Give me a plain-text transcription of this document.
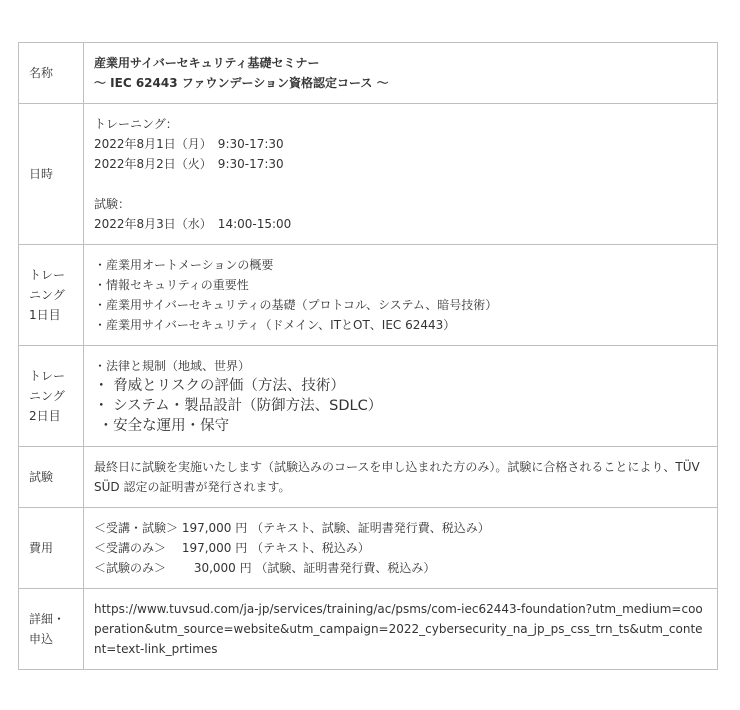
名称	産業用サイバーセキュリティ基礎セミナー
〜 IEC 62443 ファウンデーション資格認定コース 〜

日時	トレーニング：
2022年8月1日（月）　9:30-17:30
2022年8月2日（火）　9:30-17:30
試験：
2022年8月3日（水）　14:00-15:00

トレー
ニング
1日目	・産業用オートメーションの概要
・情報セキュリティの重要性
・産業用サイバーセキュリティの基礎（プロトコル、システム、暗号技術）
・産業用サイバーセキュリティ（ドメイン、ITとOT、IEC 62443）

トレー
ニング
2日目	・法律と規制（地域、世界）
・ 脅威とリスクの評価（方法、技術）
・ システム・製品設計（防御方法、SDLC）
・安全な運用・保守

試験	最終日に試験を実施いたします（試験込みのコースを申し込まれた方のみ）。試験に合格されることにより、TÜV SÜD 認定の証明書が発行されます。

費用	＜受講・試験＞ 197,000 円 （テキスト、試験、証明書発行費、税込み）
＜受講のみ＞　 197,000 円 （テキスト、税込み）
＜試験のみ＞　　 30,000 円 （試験、証明書発行費、税込み）

詳細・
申込	https://www.tuvsud.com/ja-jp/services/training/ac/psms/com-iec62443-foundation?utm_medium=cooperation&utm_source=website&utm_campaign=2022_cybersecurity_na_jp_ps_css_trn_ts&utm_content=text-link_prtimes
